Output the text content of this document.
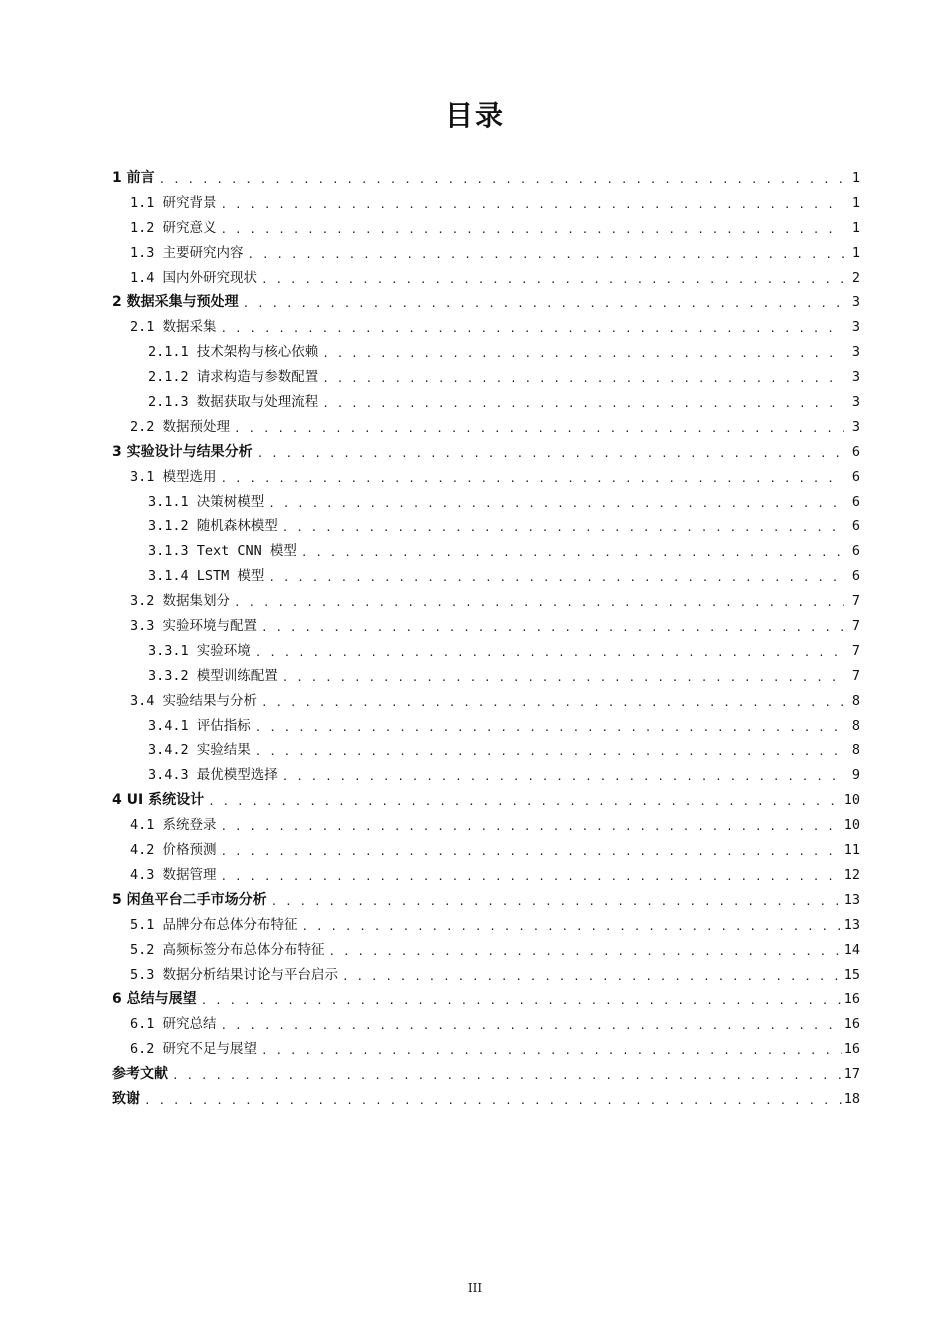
目录
1 前言 . . .	1
1.1 研究背景 . . .	1
1.2 研究意义 . . .	1
1.3 主要研究内容 . . .	1
1.4 国内外研究现状 . . .	2
2 数据采集与预处理 . . .	3
2.1 数据采集 . . .	3
2.1.1 技术架构与核心依赖 . . .	3
2.1.2 请求构造与参数配置 . . .	3
2.1.3 数据获取与处理流程 . . .	3
2.2 数据预处理 . . .	3
3 实验设计与结果分析 . . .	6
3.1 模型选用 . . .	6
3.1.1 决策树模型 . . .	6
3.1.2 随机森林模型 . . .	6
3.1.3 Text CNN 模型 . . .	6
3.1.4 LSTM 模型 . . .	6
3.2 数据集划分 . . .	7
3.3 实验环境与配置 . . .	7
3.3.1 实验环境 . . .	7
3.3.2 模型训练配置 . . .	7
3.4 实验结果与分析 . . .	8
3.4.1 评估指标 . . .	8
3.4.2 实验结果 . . .	8
3.4.3 最优模型选择 . . .	9
4 UI 系统设计 . . .	10
4.1 系统登录 . . .	10
4.2 价格预测 . . .	11
4.3 数据管理 . . .	12
5 闲鱼平台二手市场分析 . . .	13
5.1 品牌分布总体分布特征 . . .	13
5.2 高频标签分布总体分布特征 . . .	14
5.3 数据分析结果讨论与平台启示 . . .	15
6 总结与展望 . . .	16
6.1 研究总结 . . .	16
6.2 研究不足与展望 . . .	16
参考文献 . . .	17
致谢 . . .	18
III
